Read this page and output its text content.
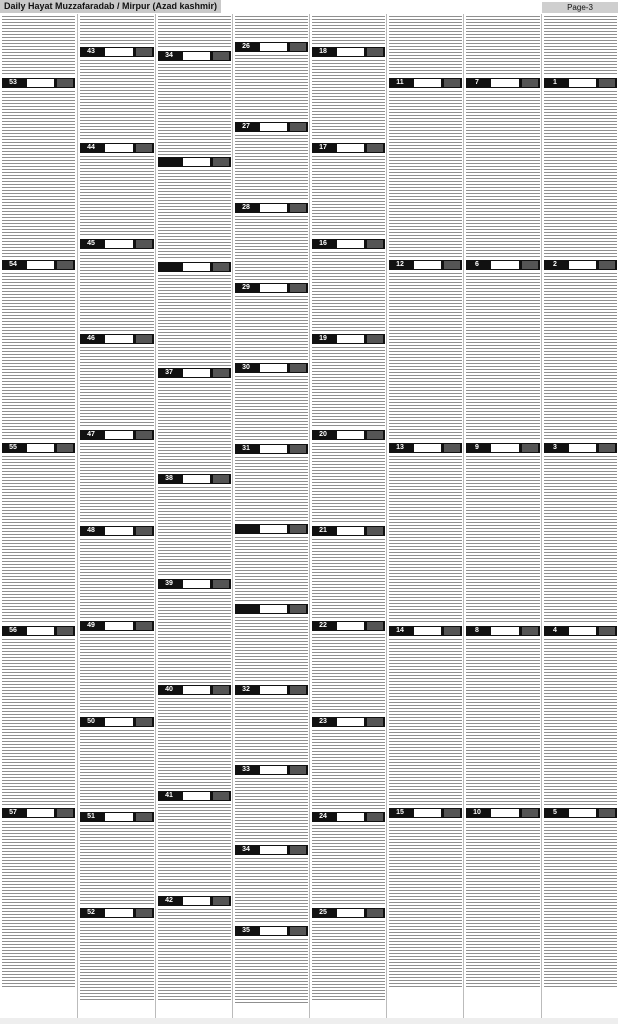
Daily Hayat Muzzafaradab / Mirpur (Azad kashmir)	Page-3
53
54
55
56
57
43
44
45
46
47
48
49
50
51
52
34
37
38
39
40
41
42
26
27
28
29
30
31
32
33
34
35
18
17
16
19
20
21
22
23
24
25
11
12
13
14
15
7
6
9
8
10
1
2
3
4
5
